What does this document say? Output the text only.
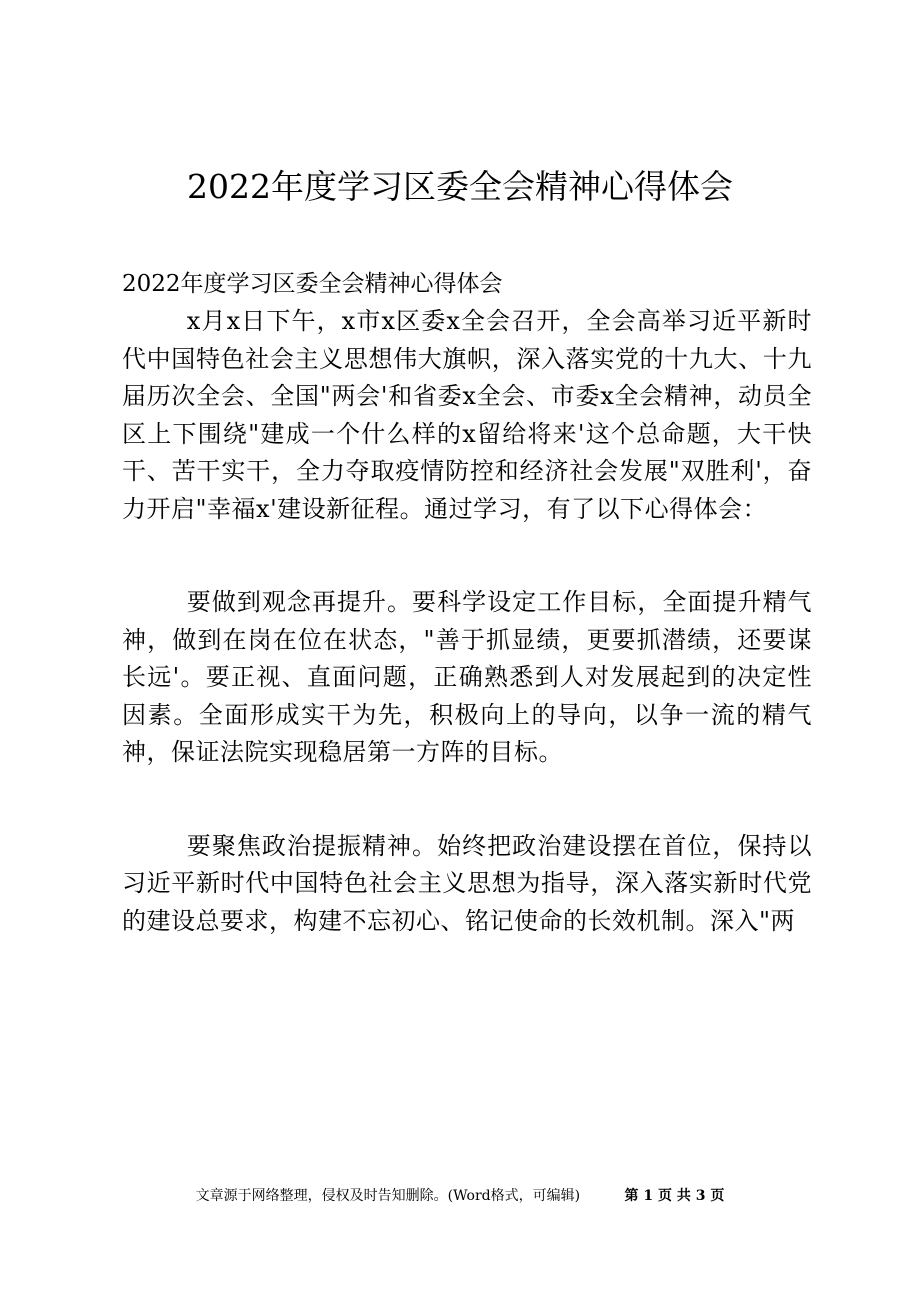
2022年度学习区委全会精神心得体会

2022年度学习区委全会精神心得体会

x月x日下午，x市x区委x全会召开，全会高举习近平新时代中国特色社会主义思想伟大旗帜，深入落实党的十九大、十九届历次全会、全国"两会'和省委x全会、市委x全会精神，动员全区上下围绕"建成一个什么样的x留给将来'这个总命题，大干快干、苦干实干，全力夺取疫情防控和经济社会发展"双胜利'，奋力开启"幸福x'建设新征程。通过学习，有了以下心得体会：

要做到观念再提升。要科学设定工作目标，全面提升精气神，做到在岗在位在状态，"善于抓显绩，更要抓潜绩，还要谋长远'。要正视、直面问题，正确熟悉到人对发展起到的决定性因素。全面形成实干为先，积极向上的导向，以争一流的精气神，保证法院实现稳居第一方阵的目标。

要聚焦政治提振精神。始终把政治建设摆在首位，保持以习近平新时代中国特色社会主义思想为指导，深入落实新时代党的建设总要求，构建不忘初心、铭记使命的长效机制。深入"两

文章源于网络整理，侵权及时告知删除。(Word格式，可编辑)	第 1 页 共 3 页
